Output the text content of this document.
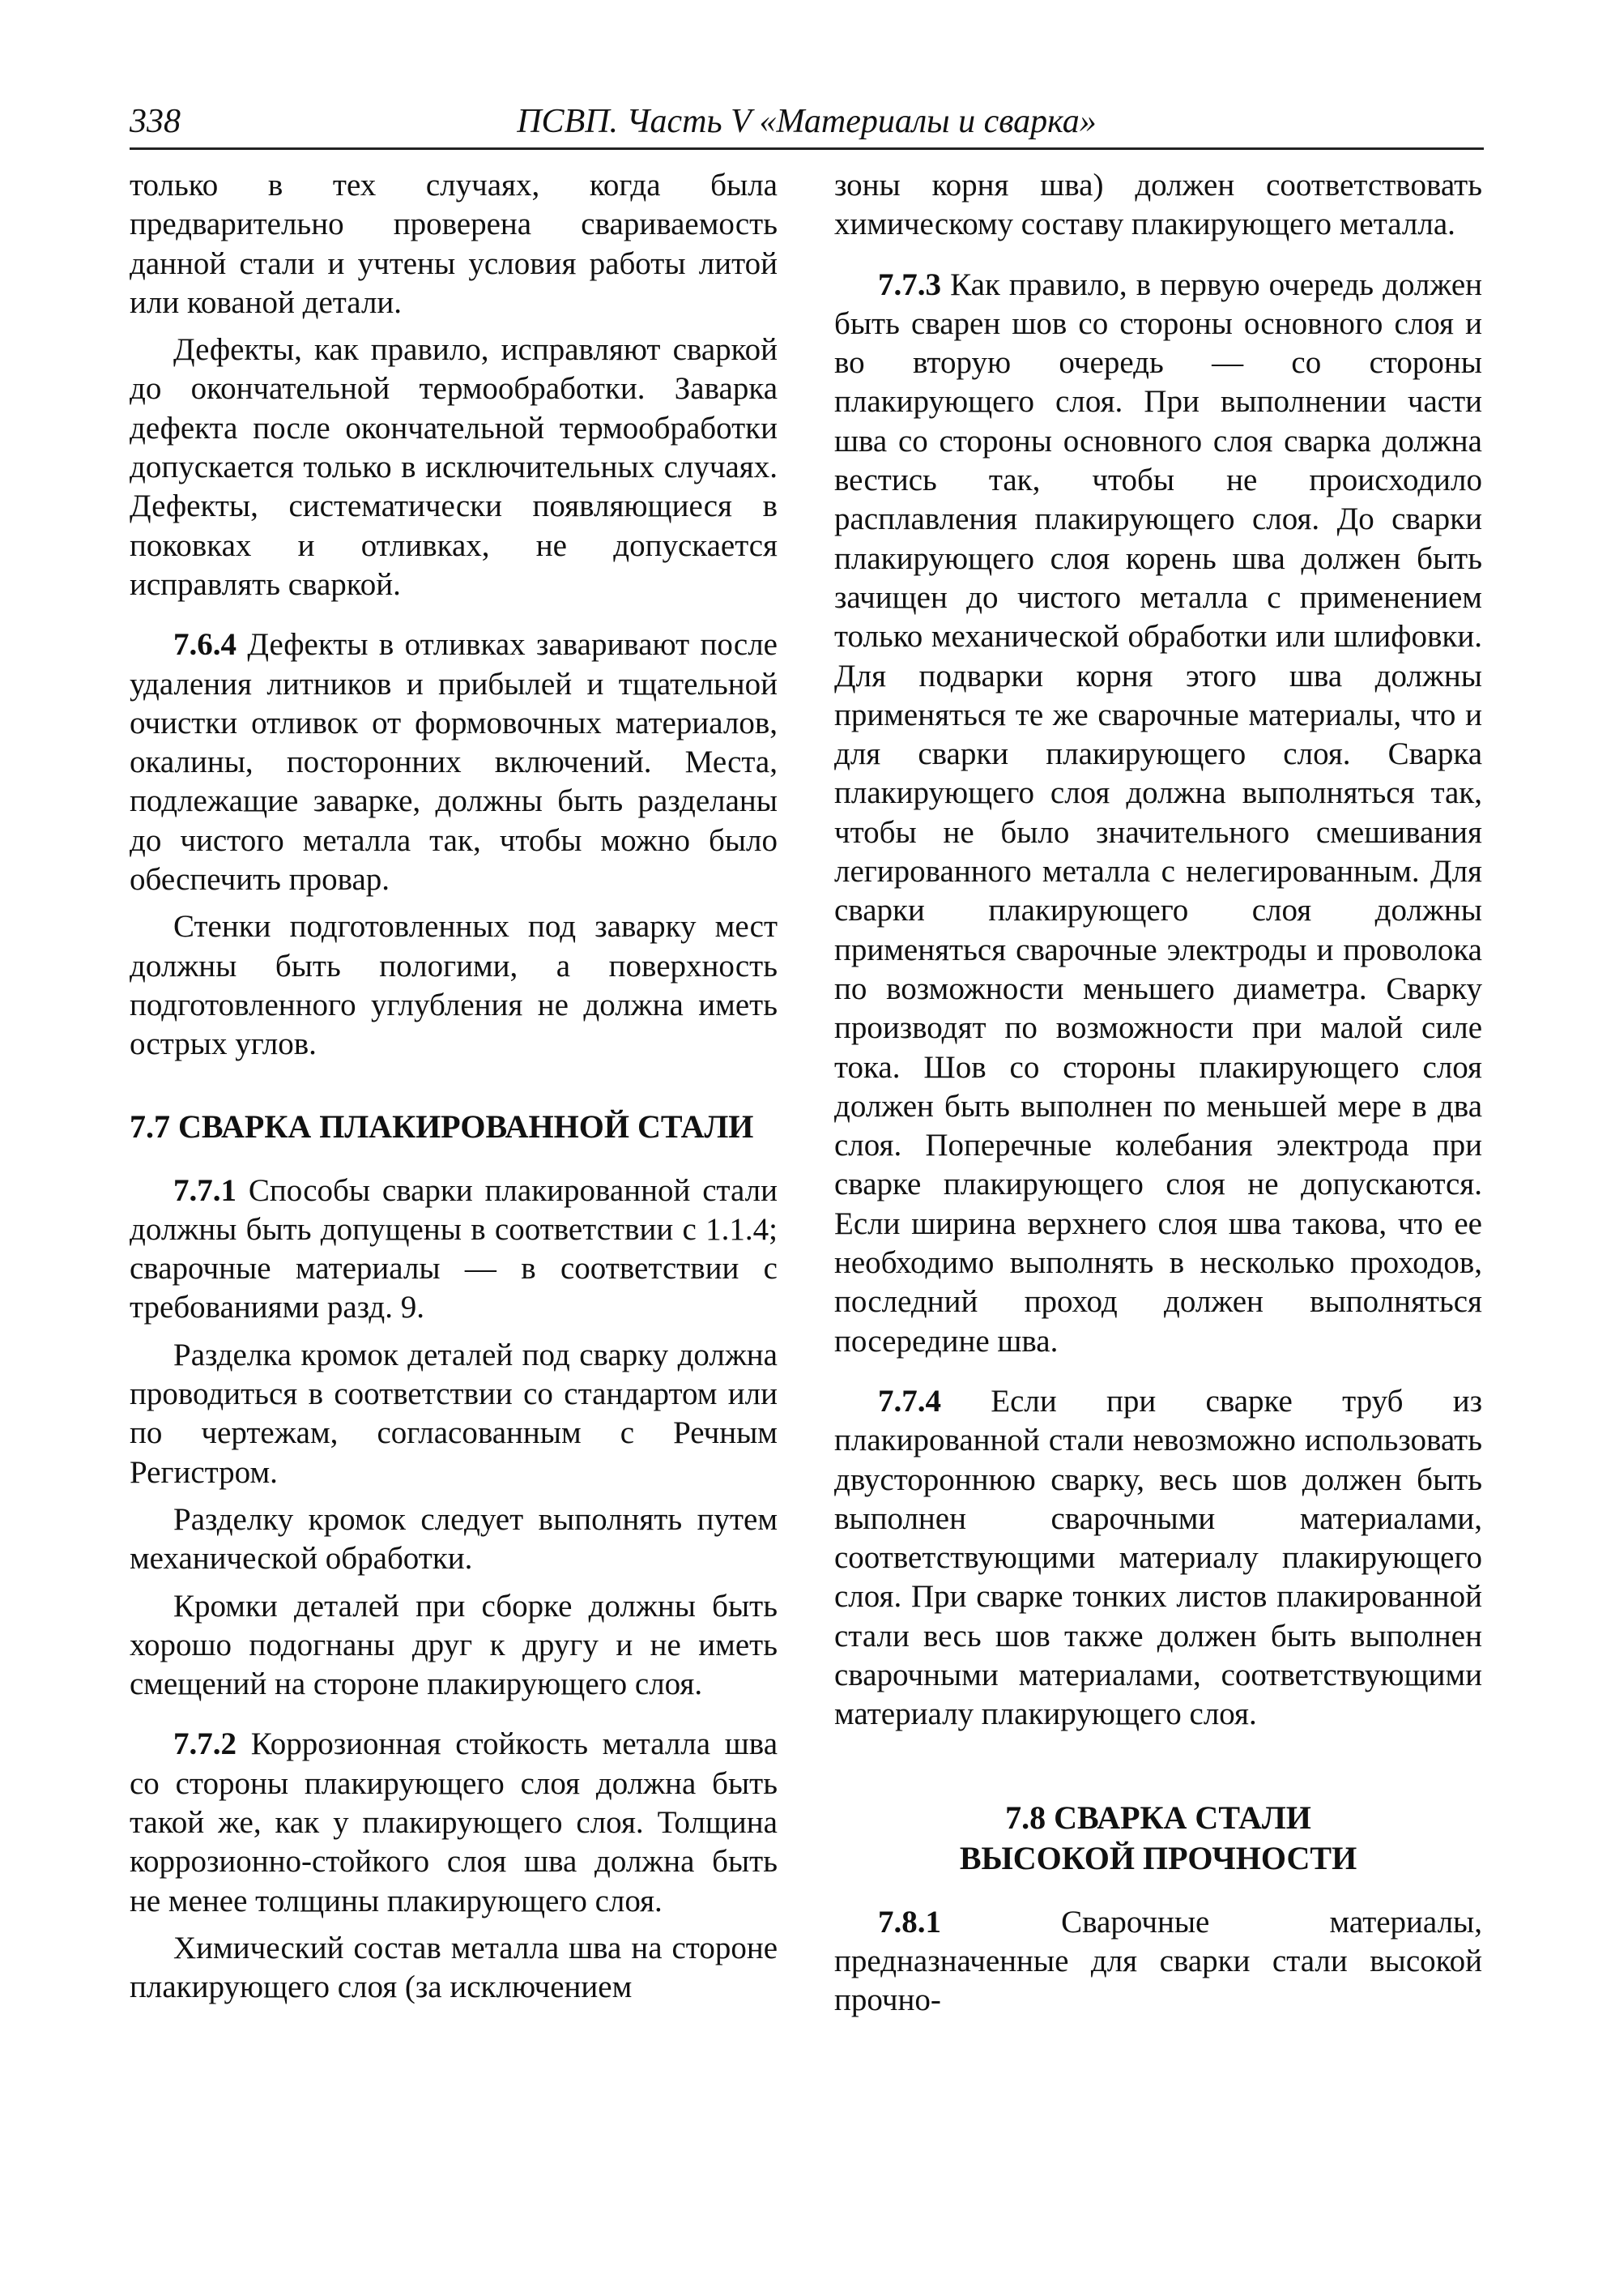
338	ПСВП. Часть V «Материалы и сварка»

только в тех случаях, когда была предварительно проверена свариваемость данной стали и учтены условия работы литой или кованой детали.

Дефекты, как правило, исправляют сваркой до окончательной термообработки. Заварка дефекта после окончательной термообработки допускается только в исключительных случаях. Дефекты, систематически появляющиеся в поковках и отливках, не допускается исправлять сваркой.

7.6.4 Дефекты в отливках заваривают после удаления литников и прибылей и тщательной очистки отливок от формовочных материалов, окалины, посторонних включений. Места, подлежащие заварке, должны быть разделаны до чистого металла так, чтобы можно было обеспечить провар.

Стенки подготовленных под заварку мест должны быть пологими, а поверхность подготовленного углубления не должна иметь острых углов.

7.7 СВАРКА ПЛАКИРОВАННОЙ СТАЛИ

7.7.1 Способы сварки плакированной стали должны быть допущены в соответствии с 1.1.4; сварочные материалы — в соответствии с требованиями разд. 9.

Разделка кромок деталей под сварку должна проводиться в соответствии со стандартом или по чертежам, согласованным с Речным Регистром.

Разделку кромок следует выполнять путем механической обработки.

Кромки деталей при сборке должны быть хорошо подогнаны друг к другу и не иметь смещений на стороне плакирующего слоя.

7.7.2 Коррозионная стойкость металла шва со стороны плакирующего слоя должна быть такой же, как у плакирующего слоя. Толщина коррозионно-стойкого слоя шва должна быть не менее толщины плакирующего слоя.

Химический состав металла шва на стороне плакирующего слоя (за исключением

зоны корня шва) должен соответствовать химическому составу плакирующего металла.

7.7.3 Как правило, в первую очередь должен быть сварен шов со стороны основного слоя и во вторую очередь — со стороны плакирующего слоя. При выполнении части шва со стороны основного слоя сварка должна вестись так, чтобы не происходило расплавления плакирующего слоя. До сварки плакирующего слоя корень шва должен быть зачищен до чистого металла с применением только механической обработки или шлифовки. Для подварки корня этого шва должны применяться те же сварочные материалы, что и для сварки плакирующего слоя. Сварка плакирующего слоя должна выполняться так, чтобы не было значительного смешивания легированного металла с нелегированным. Для сварки плакирующего слоя должны применяться сварочные электроды и проволока по возможности меньшего диаметра. Сварку производят по возможности при малой силе тока. Шов со стороны плакирующего слоя должен быть выполнен по меньшей мере в два слоя. Поперечные колебания электрода при сварке плакирующего слоя не допускаются. Если ширина верхнего слоя шва такова, что ее необходимо выполнять в несколько проходов, последний проход должен выполняться посередине шва.

7.7.4 Если при сварке труб из плакированной стали невозможно использовать двустороннюю сварку, весь шов должен быть выполнен сварочными материалами, соответствующими материалу плакирующего слоя. При сварке тонких листов плакированной стали весь шов также должен быть выполнен сварочными материалами, соответствующими материалу плакирующего слоя.

7.8 СВАРКА СТАЛИ
ВЫСОКОЙ ПРОЧНОСТИ

7.8.1	Сварочные материалы, предназначенные для сварки стали высокой прочно-
